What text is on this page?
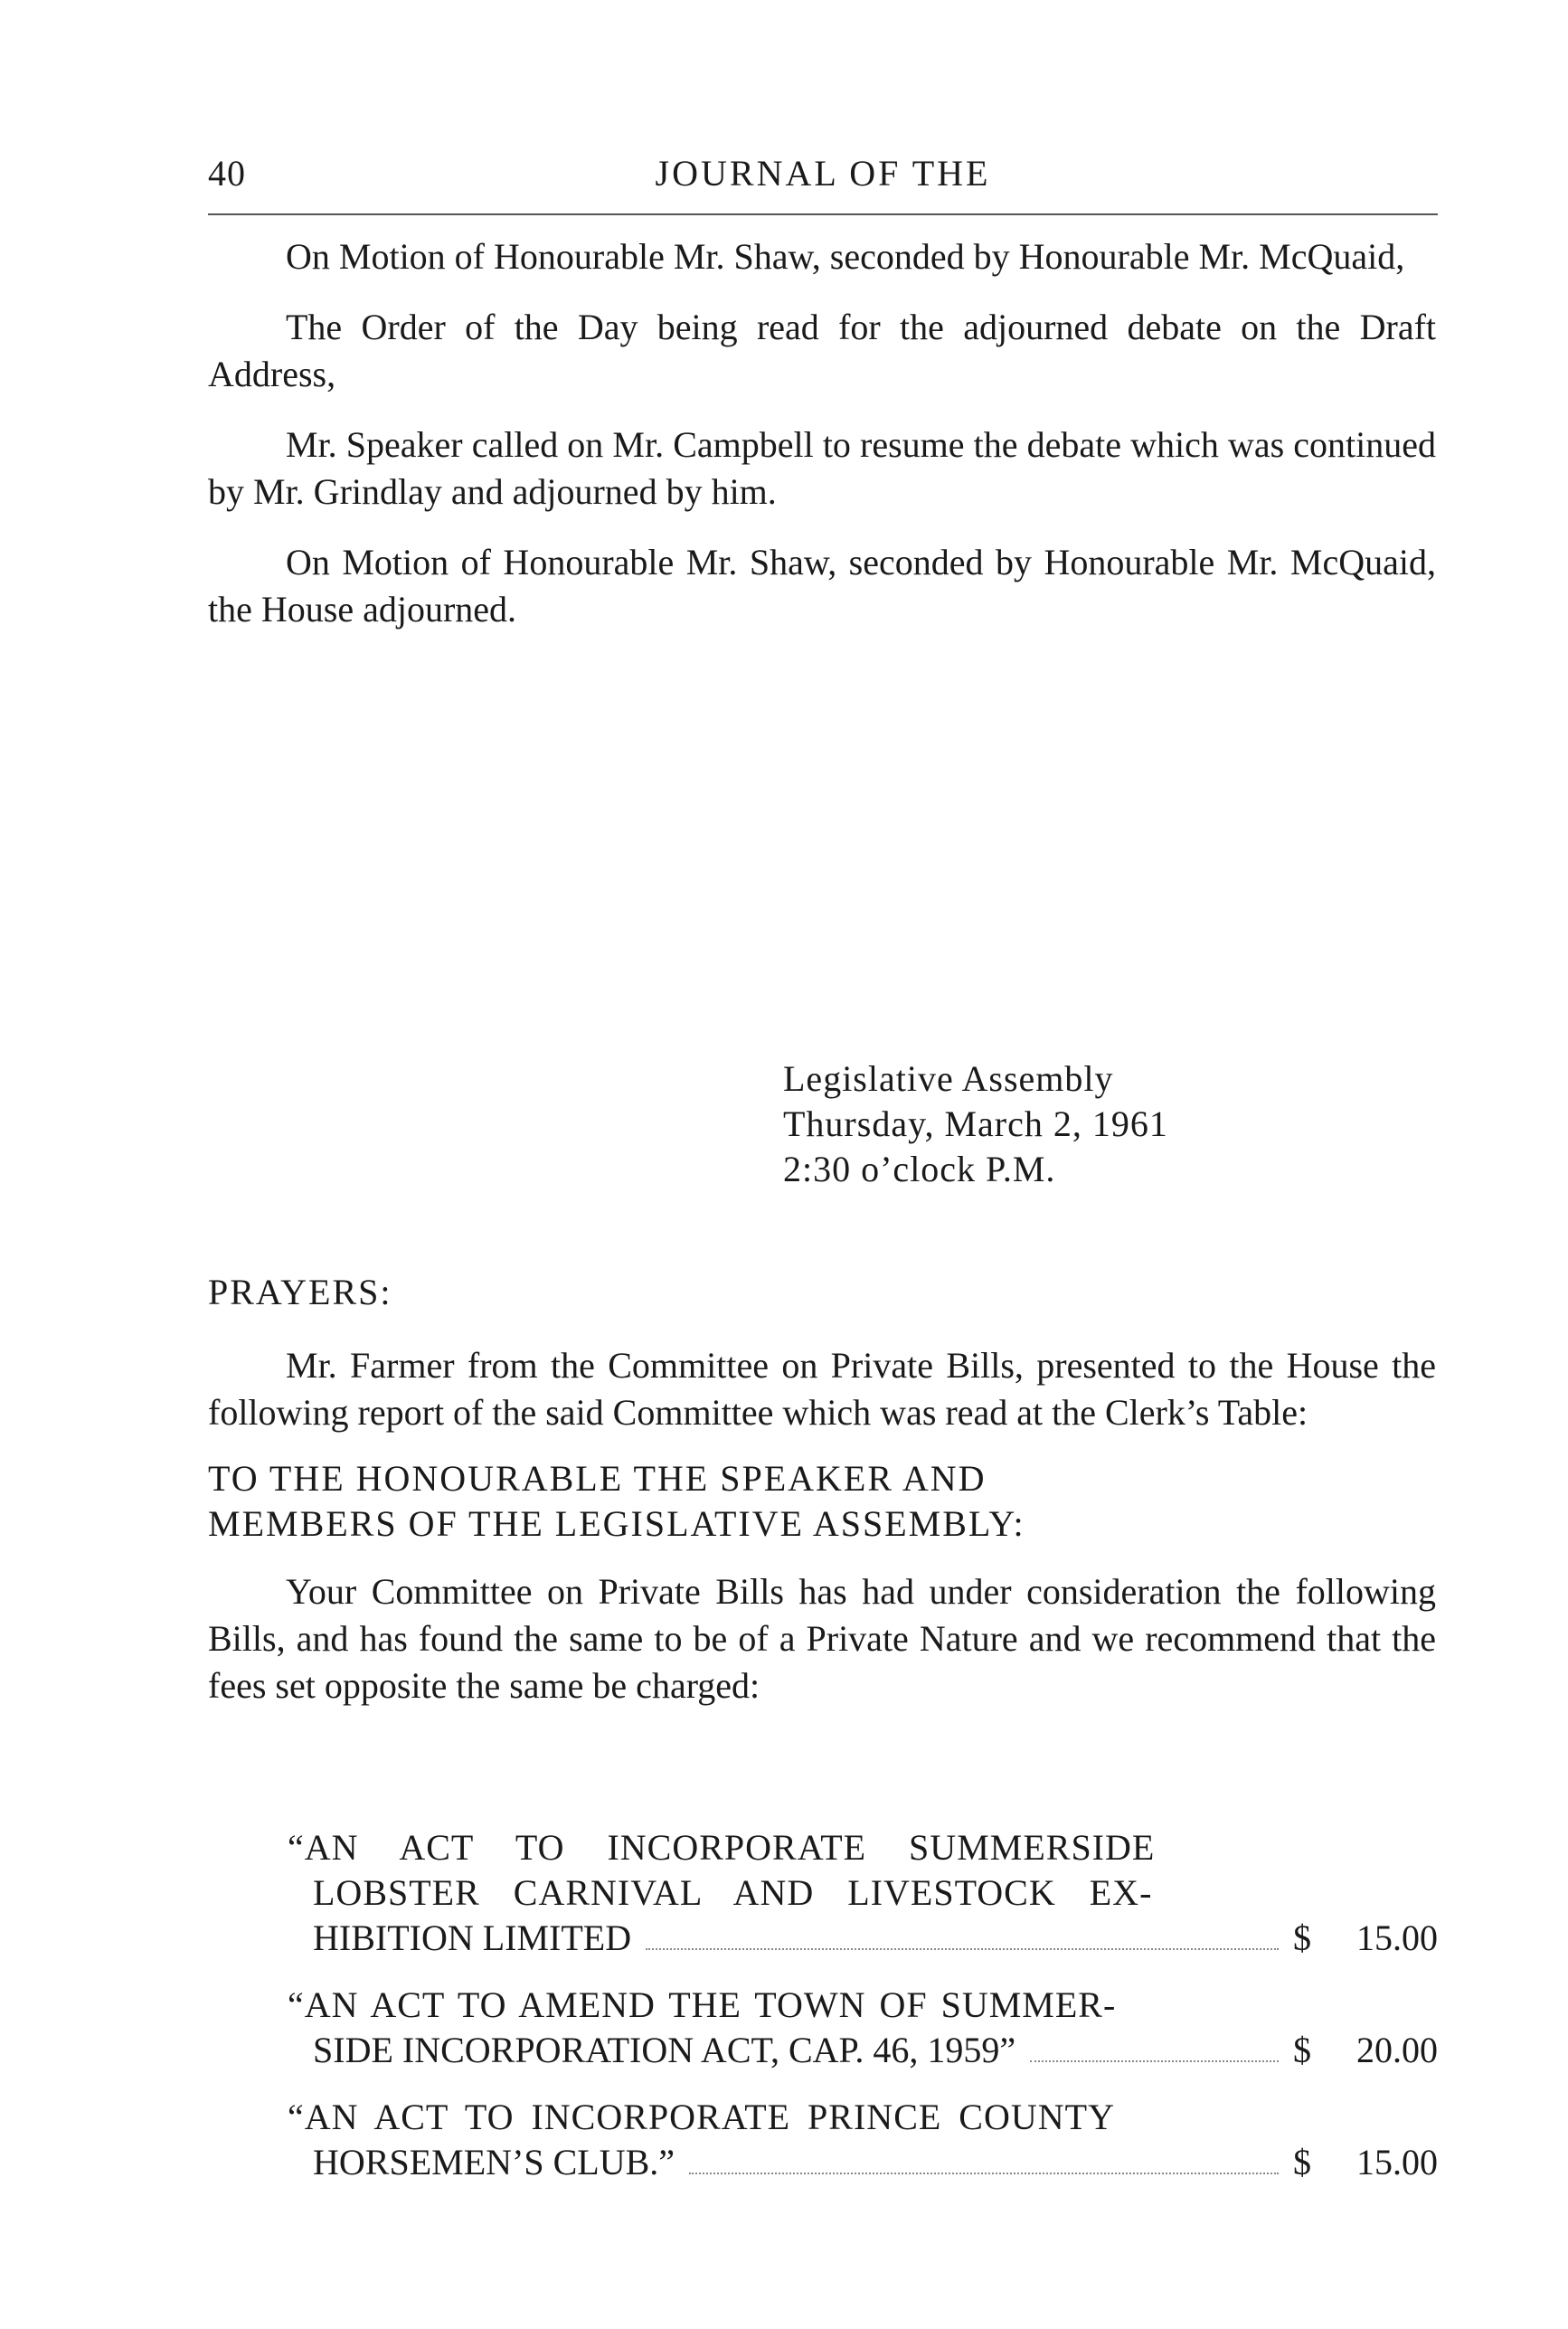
40	JOURNAL OF THE

On Motion of Honourable Mr. Shaw, seconded by Honourable Mr. McQuaid,

The Order of the Day being read for the adjourned debate on the Draft Address,

Mr. Speaker called on Mr. Campbell to resume the debate which was continued by Mr. Grindlay and adjourned by him.

On Motion of Honourable Mr. Shaw, seconded by Honourable Mr. McQuaid, the House adjourned.

Legislative Assembly
Thursday, March 2, 1961
2:30 o’clock P.M.
PRAYERS:

Mr. Farmer from the Committee on Private Bills, presented to the House the following report of the said Committee which was read at the Clerk’s Table:

TO THE HONOURABLE THE SPEAKER AND
MEMBERS OF THE LEGISLATIVE ASSEMBLY:

Your Committee on Private Bills has had under consideration the following Bills, and has found the same to be of a Private Nature and we recommend that the fees set opposite the same be charged:

“AN ACT TO INCORPORATE SUMMERSIDE
LOBSTER CARNIVAL AND LIVESTOCK EX-
HIBITION LIMITED	$ 15.00
“AN ACT TO AMEND THE TOWN OF SUMMER-
SIDE INCORPORATION ACT, CAP. 46, 1959”	$ 20.00
“AN ACT TO INCORPORATE PRINCE COUNTY
HORSEMEN’S CLUB.”	$ 15.00
